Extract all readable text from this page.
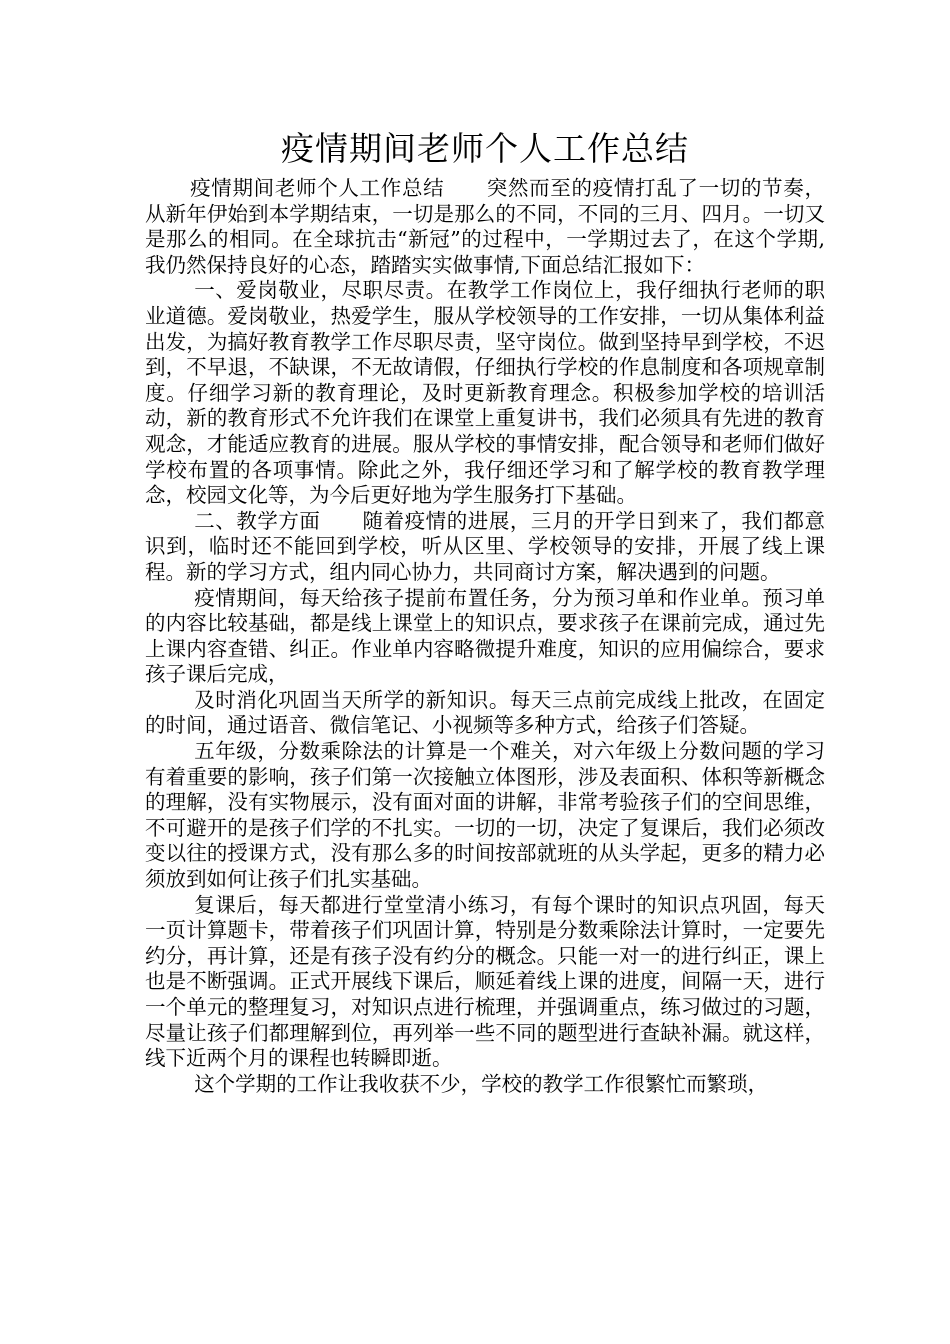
疫情期间老师个人工作总结

疫情期间老师个人工作总结　　突然而至的疫情打乱了一切的节奏，从新年伊始到本学期结束，一切是那么的不同，不同的三月、四月。一切又是那么的相同。在全球抗击“新冠”的过程中，一学期过去了，在这个学期,我仍然保持良好的心态，踏踏实实做事情,下面总结汇报如下：

一、爱岗敬业，尽职尽责。在教学工作岗位上，我仔细执行老师的职业道德。爱岗敬业，热爱学生，服从学校领导的工作安排，一切从集体利益出发，为搞好教育教学工作尽职尽责，坚守岗位。做到坚持早到学校，不迟到，不早退，不缺课，不无故请假，仔细执行学校的作息制度和各项规章制度。仔细学习新的教育理论，及时更新教育理念。积极参加学校的培训活动，新的教育形式不允许我们在课堂上重复讲书，我们必须具有先进的教育观念，才能适应教育的进展。服从学校的事情安排，配合领导和老师们做好学校布置的各项事情。除此之外，我仔细还学习和了解学校的教育教学理念，校园文化等，为今后更好地为学生服务打下基础。

二、教学方面　　随着疫情的进展，三月的开学日到来了，我们都意识到，临时还不能回到学校，听从区里、学校领导的安排，开展了线上课程。新的学习方式，组内同心协力，共同商讨方案，解决遇到的问题。

疫情期间，每天给孩子提前布置任务，分为预习单和作业单。预习单的内容比较基础，都是线上课堂上的知识点，要求孩子在课前完成，通过先上课内容查错、纠正。作业单内容略微提升难度，知识的应用偏综合，要求孩子课后完成，

及时消化巩固当天所学的新知识。每天三点前完成线上批改，在固定的时间，通过语音、微信笔记、小视频等多种方式，给孩子们答疑。

五年级，分数乘除法的计算是一个难关，对六年级上分数问题的学习有着重要的影响，孩子们第一次接触立体图形，涉及表面积、体积等新概念的理解，没有实物展示，没有面对面的讲解，非常考验孩子们的空间思维，不可避开的是孩子们学的不扎实。一切的一切，决定了复课后，我们必须改变以往的授课方式，没有那么多的时间按部就班的从头学起，更多的精力必须放到如何让孩子们扎实基础。

复课后，每天都进行堂堂清小练习，有每个课时的知识点巩固，每天一页计算题卡，带着孩子们巩固计算，特别是分数乘除法计算时，一定要先约分，再计算，还是有孩子没有约分的概念。只能一对一的进行纠正，课上也是不断强调。正式开展线下课后，顺延着线上课的进度，间隔一天，进行一个单元的整理复习，对知识点进行梳理，并强调重点，练习做过的习题，尽量让孩子们都理解到位，再列举一些不同的题型进行查缺补漏。就这样，线下近两个月的课程也转瞬即逝。

这个学期的工作让我收获不少，学校的教学工作很繁忙而繁琐，
